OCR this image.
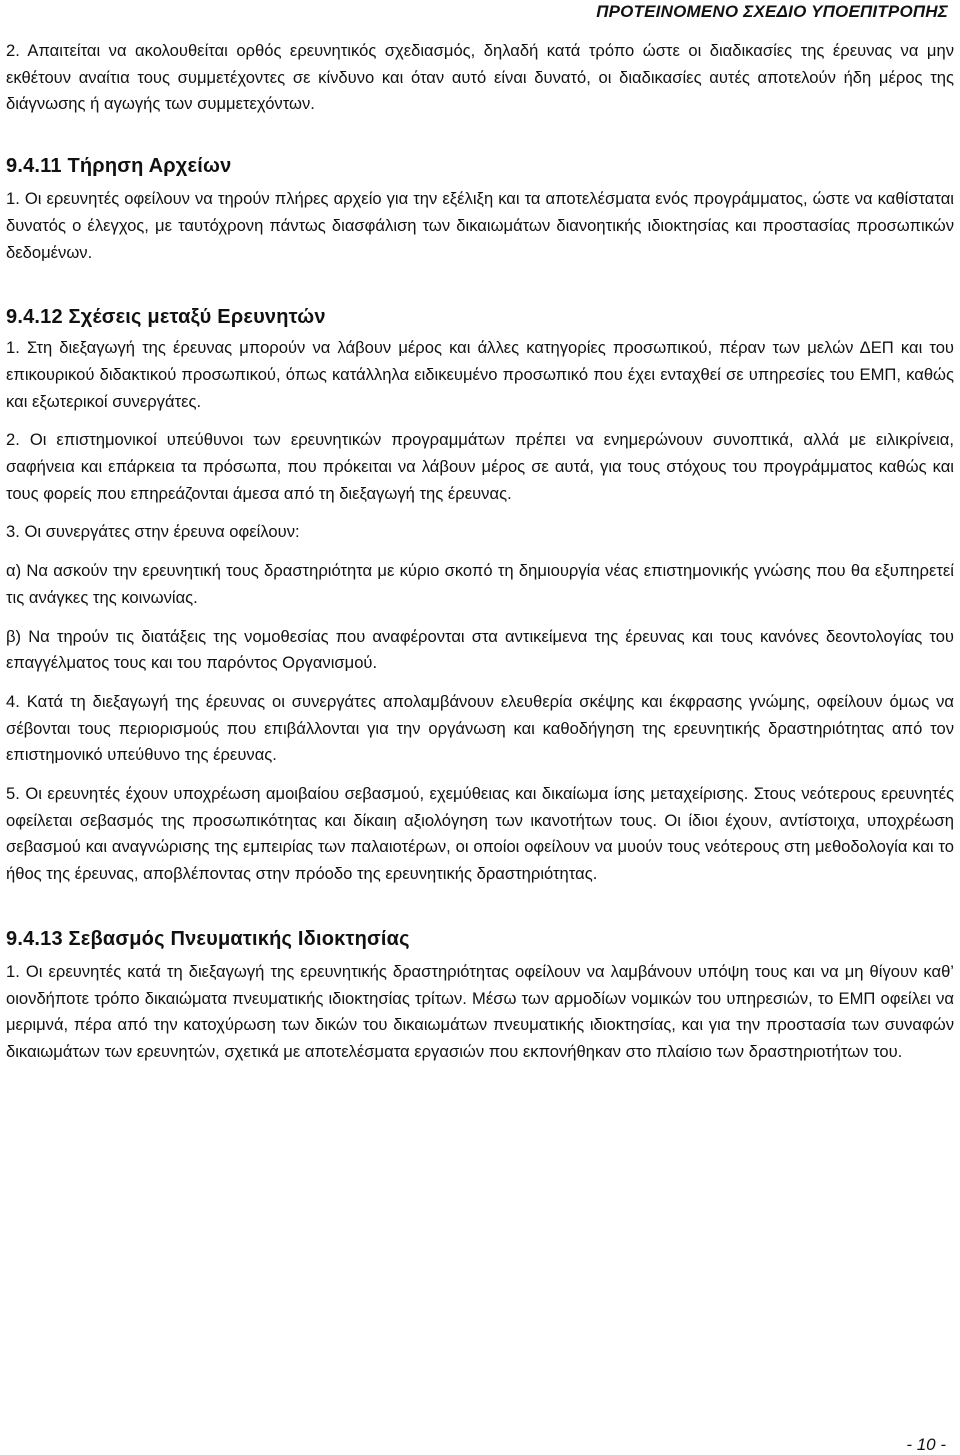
ΠΡΟΤΕΙΝΟΜΕΝΟ ΣΧΕΔΙΟ ΥΠΟΕΠΙΤΡΟΠΗΣ

2. Απαιτείται να ακολουθείται ορθός ερευνητικός σχεδιασμός, δηλαδή κατά τρόπο ώστε οι διαδικασίες της έρευνας να μην εκθέτουν αναίτια τους συμμετέχοντες σε κίνδυνο και όταν αυτό είναι δυνατό, οι διαδικασίες αυτές αποτελούν ήδη μέρος της διάγνωσης ή αγωγής των συμμετεχόντων.

9.4.11 Τήρηση Αρχείων

1. Οι ερευνητές οφείλουν να τηρούν πλήρες αρχείο για την εξέλιξη και τα αποτελέσματα ενός προγράμματος, ώστε να καθίσταται δυνατός ο έλεγχος, με ταυτόχρονη πάντως διασφάλιση των δικαιωμάτων διανοητικής ιδιοκτησίας και προστασίας προσωπικών δεδομένων.

9.4.12 Σχέσεις μεταξύ Ερευνητών

1. Στη διεξαγωγή της έρευνας μπορούν να λάβουν μέρος και άλλες κατηγορίες προσωπικού, πέραν των μελών ΔΕΠ και του επικουρικού διδακτικού προσωπικού, όπως κατάλληλα ειδικευμένο προσωπικό που έχει ενταχθεί σε υπηρεσίες του ΕΜΠ, καθώς και εξωτερικοί συνεργάτες.

2. Οι επιστημονικοί υπεύθυνοι των ερευνητικών προγραμμάτων πρέπει να ενημερώνουν συνοπτικά, αλλά με ειλικρίνεια, σαφήνεια και επάρκεια τα πρόσωπα, που πρόκειται να λάβουν μέρος σε αυτά, για τους στόχους του προγράμματος καθώς και τους φορείς που επηρεάζονται άμεσα από τη διεξαγωγή της έρευνας.

3. Οι συνεργάτες στην έρευνα οφείλουν:

α) Να ασκούν την ερευνητική τους δραστηριότητα με κύριο σκοπό τη δημιουργία νέας επιστημονικής γνώσης που θα εξυπηρετεί τις ανάγκες της κοινωνίας.

β) Να τηρούν τις διατάξεις της νομοθεσίας που αναφέρονται στα αντικείμενα της έρευνας και τους κανόνες δεοντολογίας του επαγγέλματος τους και του παρόντος Οργανισμού.

4. Κατά τη διεξαγωγή της έρευνας οι συνεργάτες απολαμβάνουν ελευθερία σκέψης και έκφρασης γνώμης, οφείλουν όμως να σέβονται τους περιορισμούς που επιβάλλονται για την οργάνωση και καθοδήγηση της ερευνητικής δραστηριότητας από τον επιστημονικό υπεύθυνο της έρευνας.

5. Οι ερευνητές έχουν υποχρέωση αμοιβαίου σεβασμού, εχεμύθειας και δικαίωμα ίσης μεταχείρισης. Στους νεότερους ερευνητές οφείλεται σεβασμός της προσωπικότητας και δίκαιη αξιολόγηση των ικανοτήτων τους. Οι ίδιοι έχουν, αντίστοιχα, υποχρέωση σεβασμού και αναγνώρισης της εμπειρίας των παλαιοτέρων, οι οποίοι οφείλουν να μυούν τους νεότερους στη μεθοδολογία και το ήθος της έρευνας, αποβλέποντας στην πρόοδο της ερευνητικής δραστηριότητας.

9.4.13 Σεβασμός Πνευματικής Ιδιοκτησίας

1. Οι ερευνητές κατά τη διεξαγωγή της ερευνητικής δραστηριότητας οφείλουν να λαμβάνουν υπόψη τους και να μη θίγουν καθ’ οιονδήποτε τρόπο δικαιώματα πνευματικής ιδιοκτησίας τρίτων. Μέσω των αρμοδίων νομικών του υπηρεσιών, το ΕΜΠ οφείλει να μεριμνά, πέρα από την κατοχύρωση των δικών του δικαιωμάτων πνευματικής ιδιοκτησίας, και για την προστασία των συναφών δικαιωμάτων των ερευνητών, σχετικά με αποτελέσματα εργασιών που εκπονήθηκαν στο πλαίσιο των δραστηριοτήτων του.

- 10 -
